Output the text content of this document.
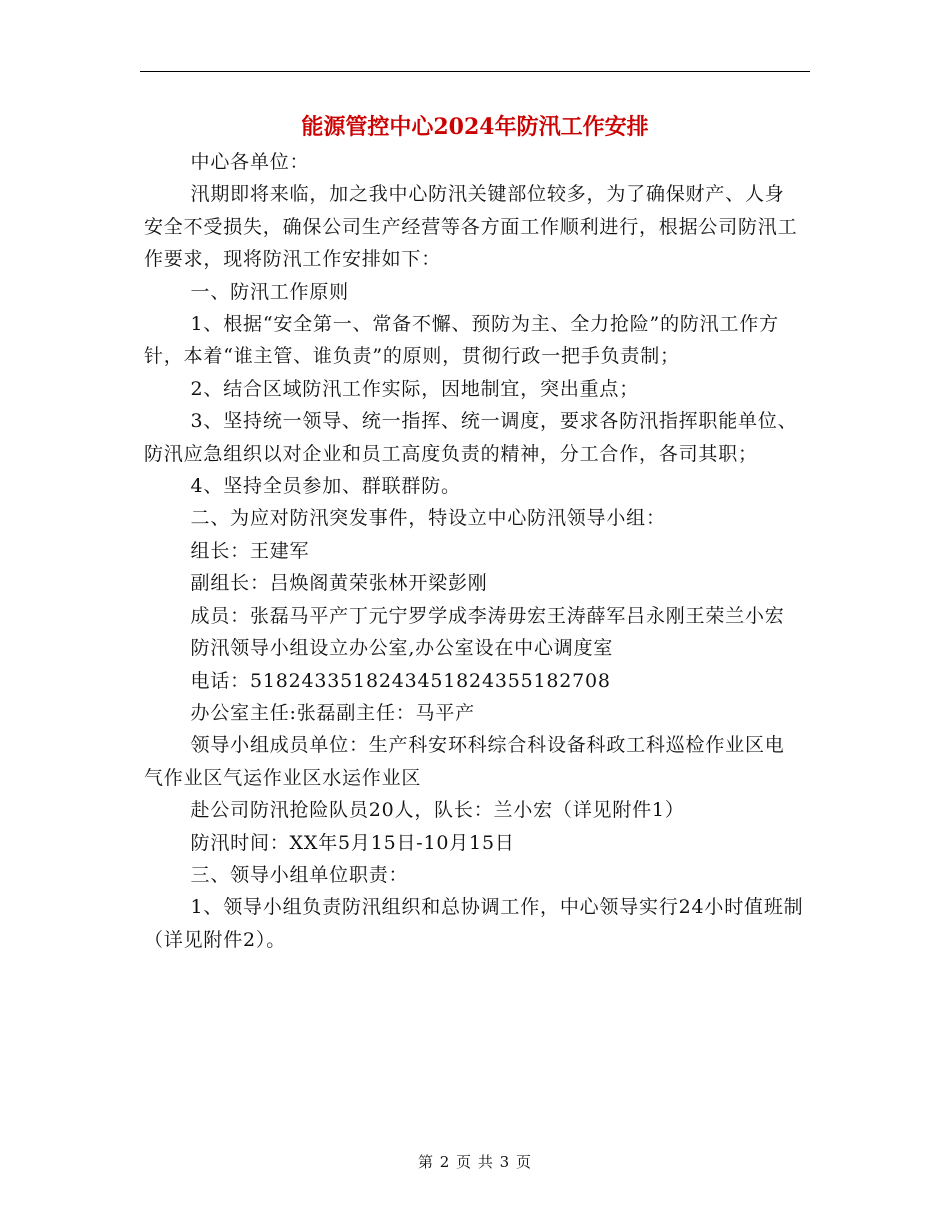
能源管控中心2024年防汛工作安排

中心各单位：

汛期即将来临，加之我中心防汛关键部位较多，为了确保财产、人身安全不受损失，确保公司生产经营等各方面工作顺利进行，根据公司防汛工作要求，现将防汛工作安排如下：

一、防汛工作原则

1、根据“安全第一、常备不懈、预防为主、全力抢险”的防汛工作方针，本着“谁主管、谁负责”的原则，贯彻行政一把手负责制；

2、结合区域防汛工作实际，因地制宜，突出重点；

3、坚持统一领导、统一指挥、统一调度，要求各防汛指挥职能单位、防汛应急组织以对企业和员工高度负责的精神，分工合作，各司其职；

4、坚持全员参加、群联群防。

二、为应对防汛突发事件，特设立中心防汛领导小组：

组长：王建军

副组长：吕焕阁黄荣张林开梁彭刚

成员：张磊马平产丁元宁罗学成李涛毋宏王涛薛军吕永刚王荣兰小宏

防汛领导小组设立办公室,办公室设在中心调度室

电话：5182433518243451824355182708

办公室主任:张磊副主任：马平产

领导小组成员单位：生产科安环科综合科设备科政工科巡检作业区电气作业区气运作业区水运作业区

赴公司防汛抢险队员20人，队长：兰小宏（详见附件1）

防汛时间：XX年5月15日-10月15日

三、领导小组单位职责：

1、领导小组负责防汛组织和总协调工作，中心领导实行24小时值班制（详见附件2）。

第 2 页 共 3 页
